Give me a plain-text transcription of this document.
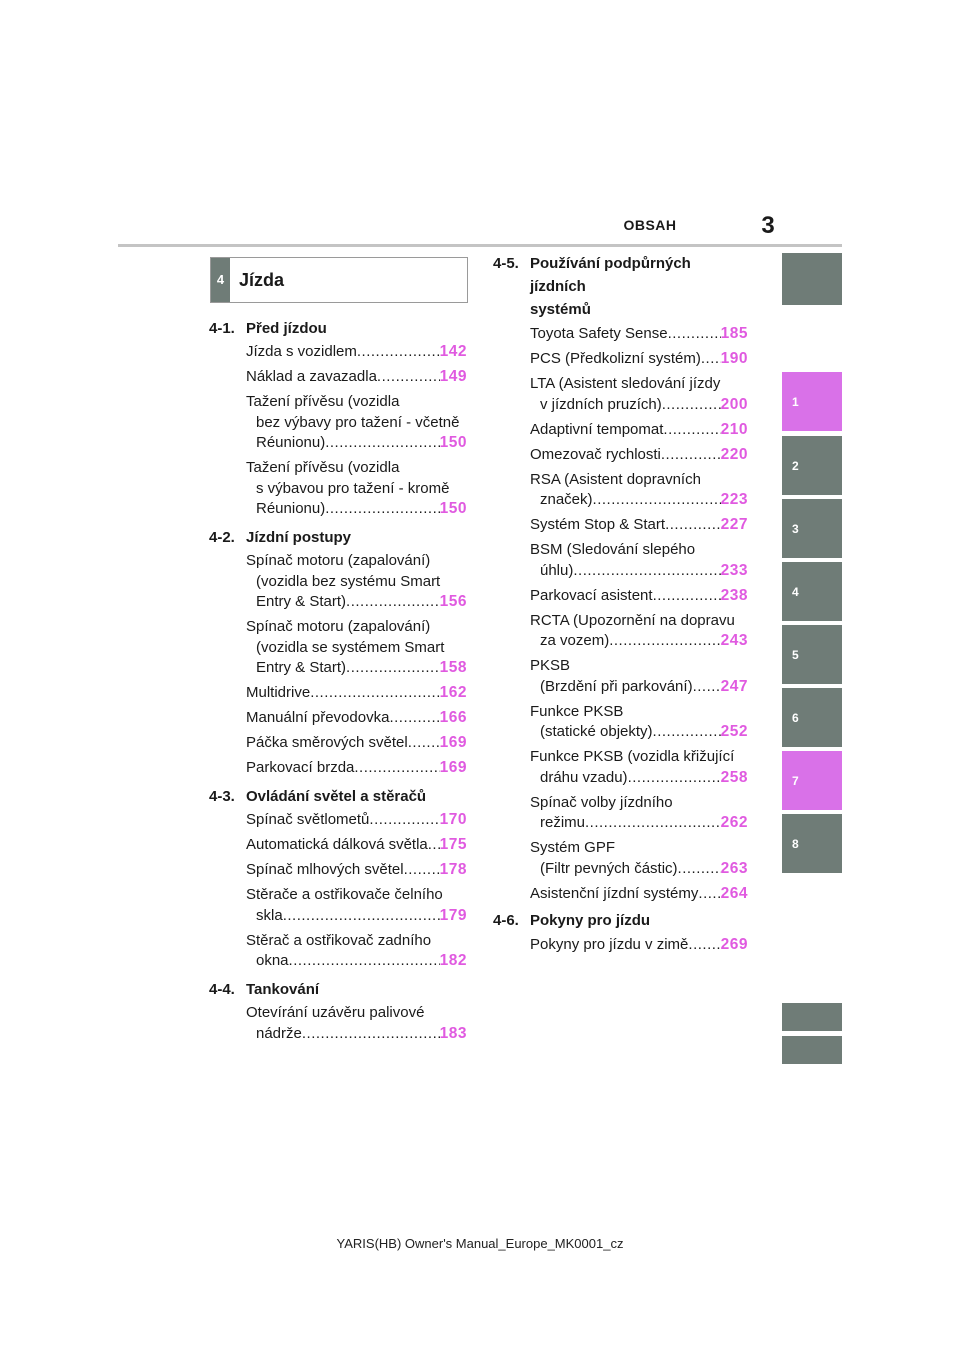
OBSAH	3
4 Jízda
4-1. Před jízdou
Jízda s vozidlem .....	142
Náklad a zavazadla .....	149
Tažení přívěsu (vozidla
bez výbavy pro tažení - včetně
Réunionu) .....	150
Tažení přívěsu (vozidla
s výbavou pro tažení - kromě
Réunionu) .....	150
4-2. Jízdní postupy
Spínač motoru (zapalování)
(vozidla bez systému Smart
Entry & Start) .....	156
Spínač motoru (zapalování)
(vozidla se systémem Smart
Entry & Start) .....	158
Multidrive .....	162
Manuální převodovka .....	166
Páčka směrových světel ..... 169
Parkovací brzda .....	169
4-3. Ovládání světel a stěračů
Spínač světlometů .....	170
Automatická dálková světla ..... 175
Spínač mlhových světel ..... 178
Stěrače a ostřikovače čelního
skla .....	179
Stěrač a ostřikovač zadního
okna .....	182
4-4. Tankování
Otevírání uzávěru palivové
nádrže .....	183
4-5. Používání podpůrných jízdních
systémů
Toyota Safety Sense .....	185
PCS (Předkolizní systém) ..... 190
LTA (Asistent sledování jízdy
v jízdních pruzích) .....	200
Adaptivní tempomat .....	210
Omezovač rychlosti .....	220
RSA (Asistent dopravních
značek) .....	223
Systém Stop & Start .....	227
BSM (Sledování slepého
úhlu) .....	233
Parkovací asistent .....	238
RCTA (Upozornění na dopravu
za vozem) .....	243
PKSB
(Brzdění při parkování) ..... 247
Funkce PKSB
(statické objekty) .....	252
Funkce PKSB (vozidla křižující
dráhu vzadu) .....	258
Spínač volby jízdního
režimu .....	262
Systém GPF
(Filtr pevných částic) .....	263
Asistenční jízdní systémy ..... 264
4-6. Pokyny pro jízdu
Pokyny pro jízdu v zimě ..... 269
1
2
3
4
5
6
7
8
YARIS(HB) Owner's Manual_Europe_MK0001_cz
